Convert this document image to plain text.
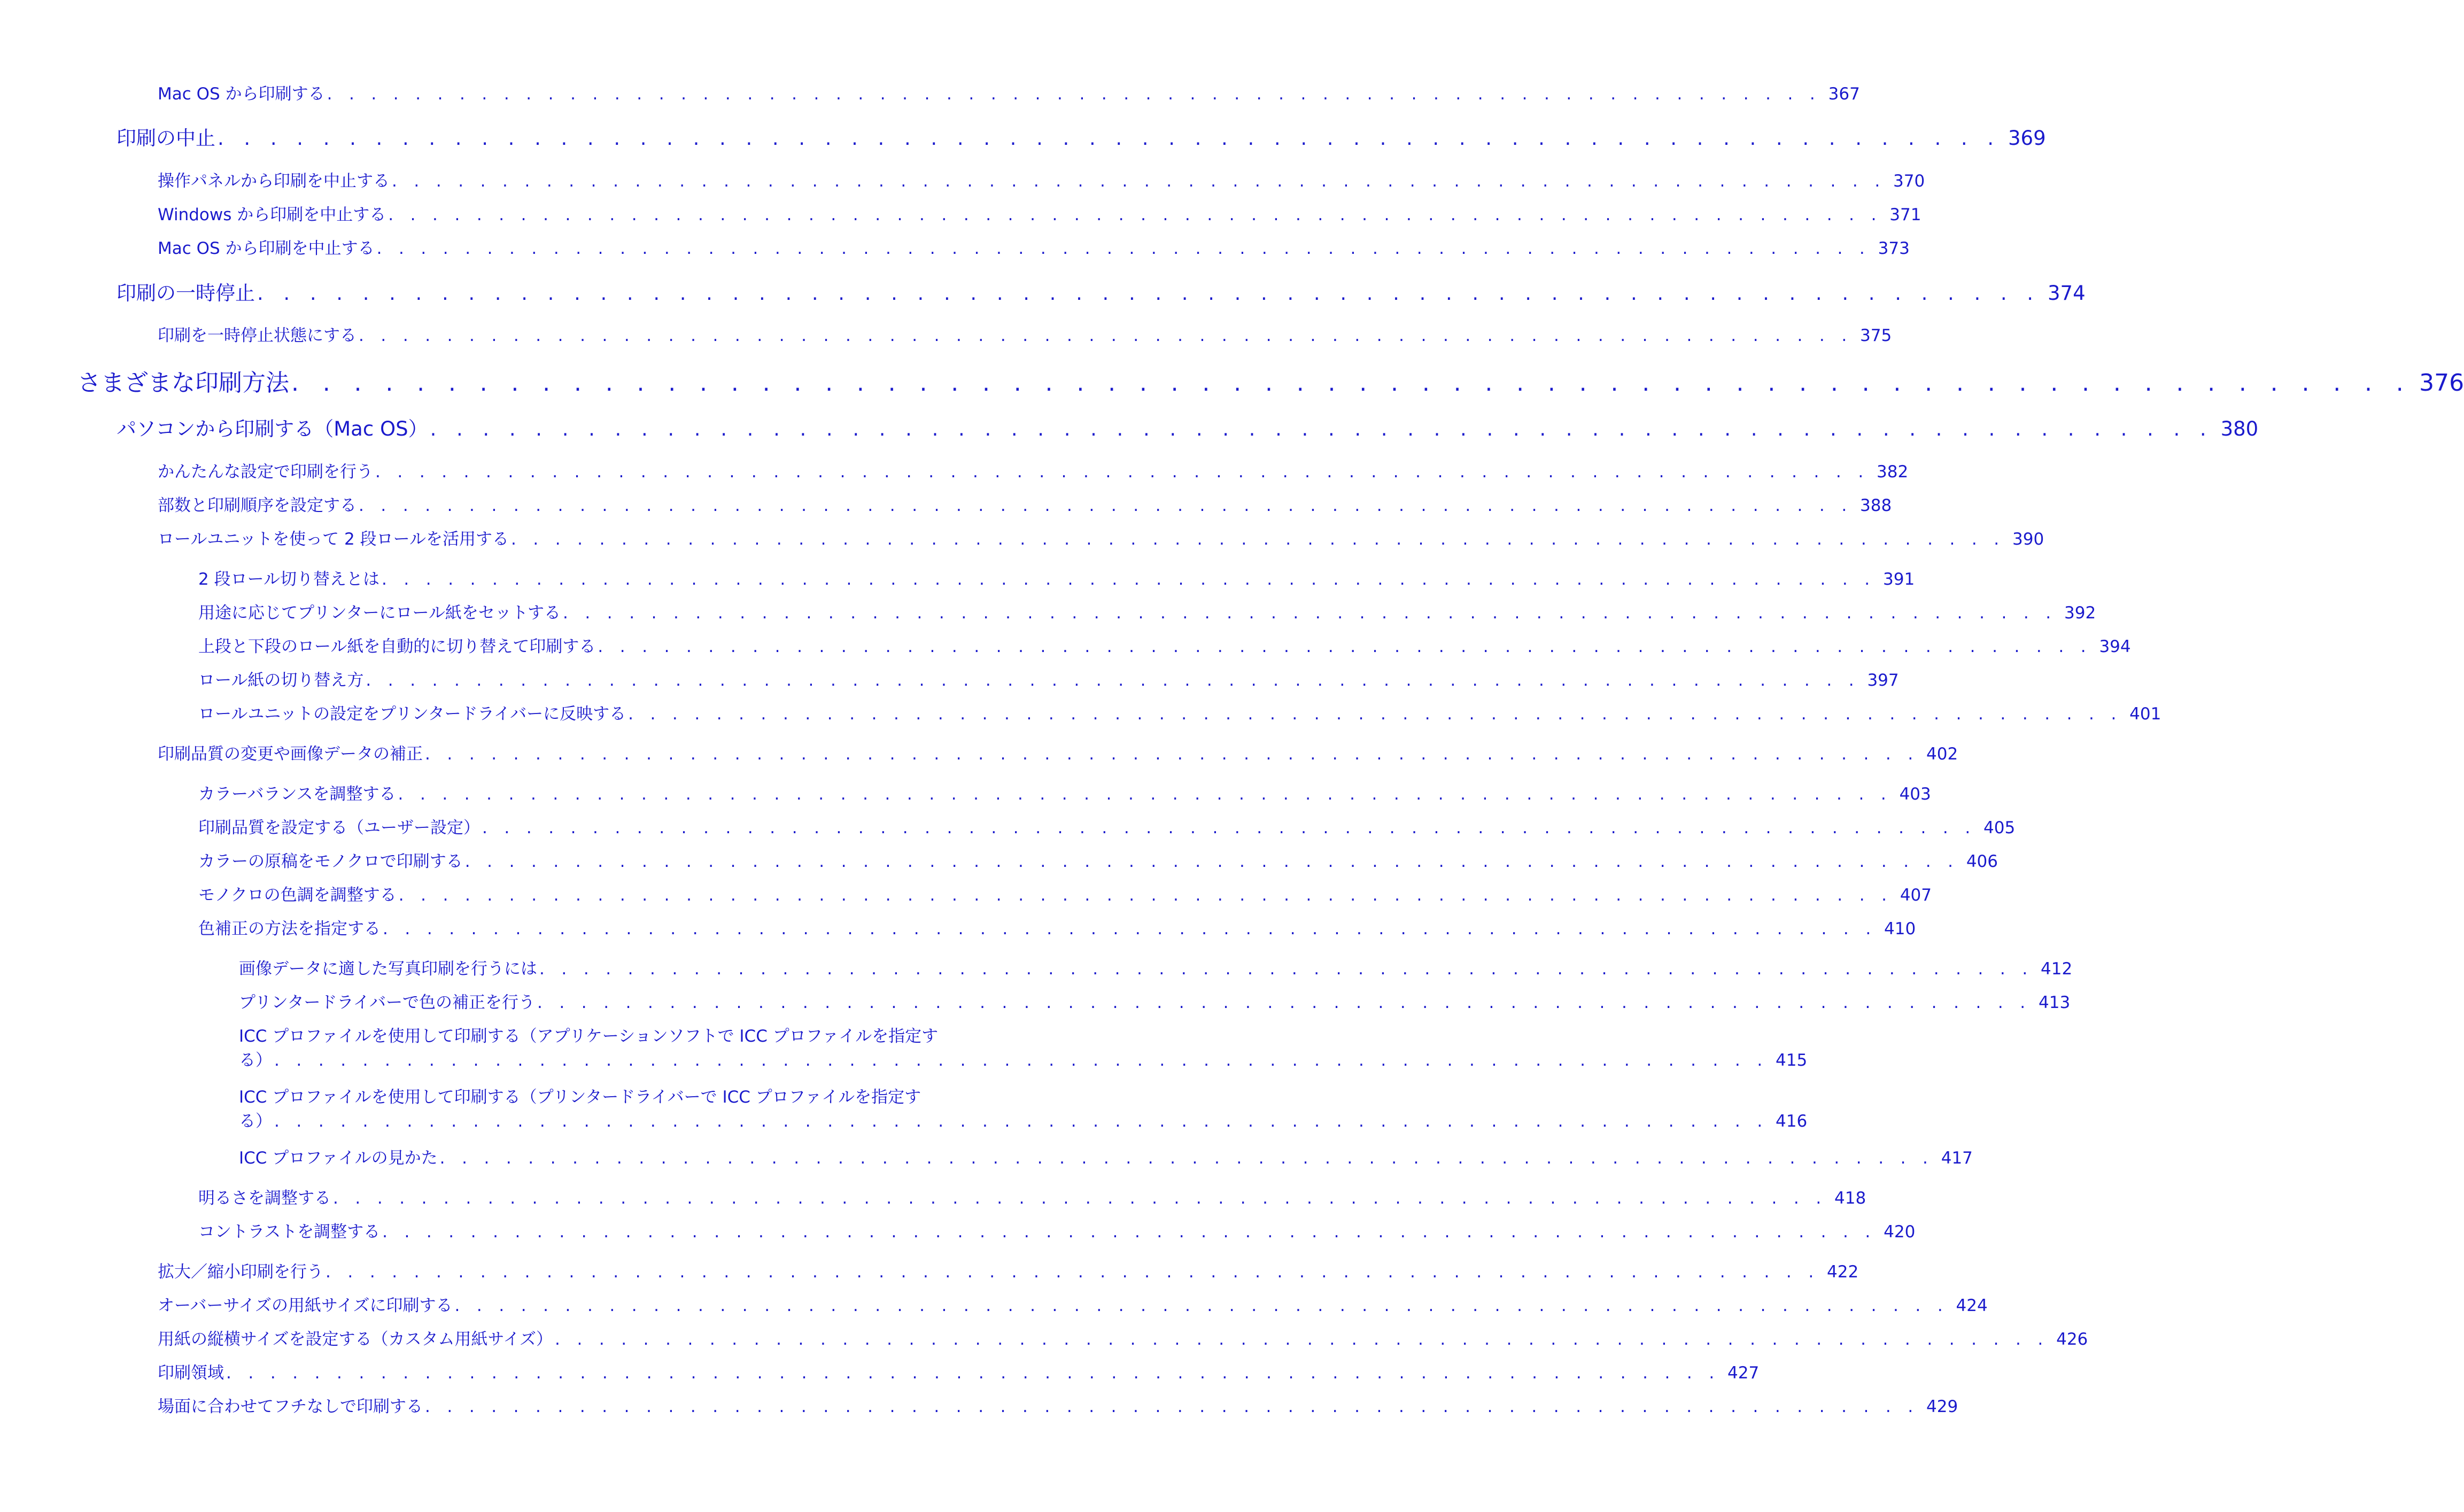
Mac OS から印刷する . . . . . . . . . . . . . . . . . . . . . . . . . . . . . . . . . . . . . . . . . . . . . . . . . . . . . . . . . . . . . . . . . . . . 367
印刷の中止 . . . . . . . . . . . . . . . . . . . . . . . . . . . . . . . . . . . . . . . . . . . . . . . . . . . . . . . . . . . . . . . . . . . . 369
操作パネルから印刷を中止する . . . . . . . . . . . . . . . . . . . . . . . . . . . . . . . . . . . . . . . . . . . . . . . . . . . . . . . . . . . . . . . . . . . . 370
Windows から印刷を中止する . . . . . . . . . . . . . . . . . . . . . . . . . . . . . . . . . . . . . . . . . . . . . . . . . . . . . . . . . . . . . . . . . . . . 371
Mac OS から印刷を中止する . . . . . . . . . . . . . . . . . . . . . . . . . . . . . . . . . . . . . . . . . . . . . . . . . . . . . . . . . . . . . . . . . . . . 373
印刷の一時停止 . . . . . . . . . . . . . . . . . . . . . . . . . . . . . . . . . . . . . . . . . . . . . . . . . . . . . . . . . . . . . . . . . . . . 374
印刷を一時停止状態にする . . . . . . . . . . . . . . . . . . . . . . . . . . . . . . . . . . . . . . . . . . . . . . . . . . . . . . . . . . . . . . . . . . . . 375
さまざまな印刷方法 . . . . . . . . . . . . . . . . . . . . . . . . . . . . . . . . . . . . . . . . . . . . . . . . . . . . . . . . . . . . . . . . . . . . 376
パソコンから印刷する（Mac OS） . . . . . . . . . . . . . . . . . . . . . . . . . . . . . . . . . . . . . . . . . . . . . . . . . . . . . . . . . . . . . . . . . . . . 380
かんたんな設定で印刷を行う . . . . . . . . . . . . . . . . . . . . . . . . . . . . . . . . . . . . . . . . . . . . . . . . . . . . . . . . . . . . . . . . . . . . 382
部数と印刷順序を設定する . . . . . . . . . . . . . . . . . . . . . . . . . . . . . . . . . . . . . . . . . . . . . . . . . . . . . . . . . . . . . . . . . . . . 388
ロールユニットを使って 2 段ロールを活用する . . . . . . . . . . . . . . . . . . . . . . . . . . . . . . . . . . . . . . . . . . . . . . . . . . . . . . . . . . . . . . . . . . . . 390
2 段ロール切り替えとは . . . . . . . . . . . . . . . . . . . . . . . . . . . . . . . . . . . . . . . . . . . . . . . . . . . . . . . . . . . . . . . . . . . . 391
用途に応じてプリンターにロール紙をセットする . . . . . . . . . . . . . . . . . . . . . . . . . . . . . . . . . . . . . . . . . . . . . . . . . . . . . . . . . . . . . . . . . . . . 392
上段と下段のロール紙を自動的に切り替えて印刷する . . . . . . . . . . . . . . . . . . . . . . . . . . . . . . . . . . . . . . . . . . . . . . . . . . . . . . . . . . . . . . . . . . . . 394
ロール紙の切り替え方 . . . . . . . . . . . . . . . . . . . . . . . . . . . . . . . . . . . . . . . . . . . . . . . . . . . . . . . . . . . . . . . . . . . . 397
ロールユニットの設定をプリンタードライバーに反映する . . . . . . . . . . . . . . . . . . . . . . . . . . . . . . . . . . . . . . . . . . . . . . . . . . . . . . . . . . . . . . . . . . . . 401
印刷品質の変更や画像データの補正 . . . . . . . . . . . . . . . . . . . . . . . . . . . . . . . . . . . . . . . . . . . . . . . . . . . . . . . . . . . . . . . . . . . . 402
カラーバランスを調整する . . . . . . . . . . . . . . . . . . . . . . . . . . . . . . . . . . . . . . . . . . . . . . . . . . . . . . . . . . . . . . . . . . . . 403
印刷品質を設定する（ユーザー設定） . . . . . . . . . . . . . . . . . . . . . . . . . . . . . . . . . . . . . . . . . . . . . . . . . . . . . . . . . . . . . . . . . . . . 405
カラーの原稿をモノクロで印刷する . . . . . . . . . . . . . . . . . . . . . . . . . . . . . . . . . . . . . . . . . . . . . . . . . . . . . . . . . . . . . . . . . . . . 406
モノクロの色調を調整する . . . . . . . . . . . . . . . . . . . . . . . . . . . . . . . . . . . . . . . . . . . . . . . . . . . . . . . . . . . . . . . . . . . . 407
色補正の方法を指定する . . . . . . . . . . . . . . . . . . . . . . . . . . . . . . . . . . . . . . . . . . . . . . . . . . . . . . . . . . . . . . . . . . . . 410
画像データに適した写真印刷を行うには . . . . . . . . . . . . . . . . . . . . . . . . . . . . . . . . . . . . . . . . . . . . . . . . . . . . . . . . . . . . . . . . . . . . 412
プリンタードライバーで色の補正を行う . . . . . . . . . . . . . . . . . . . . . . . . . . . . . . . . . . . . . . . . . . . . . . . . . . . . . . . . . . . . . . . . . . . . 413
ICC プロファイルを使用して印刷する（アプリケーションソフトで ICC プロファイルを指定す
る） . . . . . . . . . . . . . . . . . . . . . . . . . . . . . . . . . . . . . . . . . . . . . . . . . . . . . . . . . . . . . . . . . . . . 415
ICC プロファイルを使用して印刷する（プリンタードライバーで ICC プロファイルを指定す
る） . . . . . . . . . . . . . . . . . . . . . . . . . . . . . . . . . . . . . . . . . . . . . . . . . . . . . . . . . . . . . . . . . . . . 416
ICC プロファイルの見かた . . . . . . . . . . . . . . . . . . . . . . . . . . . . . . . . . . . . . . . . . . . . . . . . . . . . . . . . . . . . . . . . . . . . 417
明るさを調整する . . . . . . . . . . . . . . . . . . . . . . . . . . . . . . . . . . . . . . . . . . . . . . . . . . . . . . . . . . . . . . . . . . . . 418
コントラストを調整する . . . . . . . . . . . . . . . . . . . . . . . . . . . . . . . . . . . . . . . . . . . . . . . . . . . . . . . . . . . . . . . . . . . . 420
拡大／縮小印刷を行う . . . . . . . . . . . . . . . . . . . . . . . . . . . . . . . . . . . . . . . . . . . . . . . . . . . . . . . . . . . . . . . . . . . . 422
オーバーサイズの用紙サイズに印刷する . . . . . . . . . . . . . . . . . . . . . . . . . . . . . . . . . . . . . . . . . . . . . . . . . . . . . . . . . . . . . . . . . . . . 424
用紙の縦横サイズを設定する（カスタム用紙サイズ） . . . . . . . . . . . . . . . . . . . . . . . . . . . . . . . . . . . . . . . . . . . . . . . . . . . . . . . . . . . . . . . . . . . . 426
印刷領域 . . . . . . . . . . . . . . . . . . . . . . . . . . . . . . . . . . . . . . . . . . . . . . . . . . . . . . . . . . . . . . . . . . . . 427
場面に合わせてフチなしで印刷する . . . . . . . . . . . . . . . . . . . . . . . . . . . . . . . . . . . . . . . . . . . . . . . . . . . . . . . . . . . . . . . . . . . . 429
